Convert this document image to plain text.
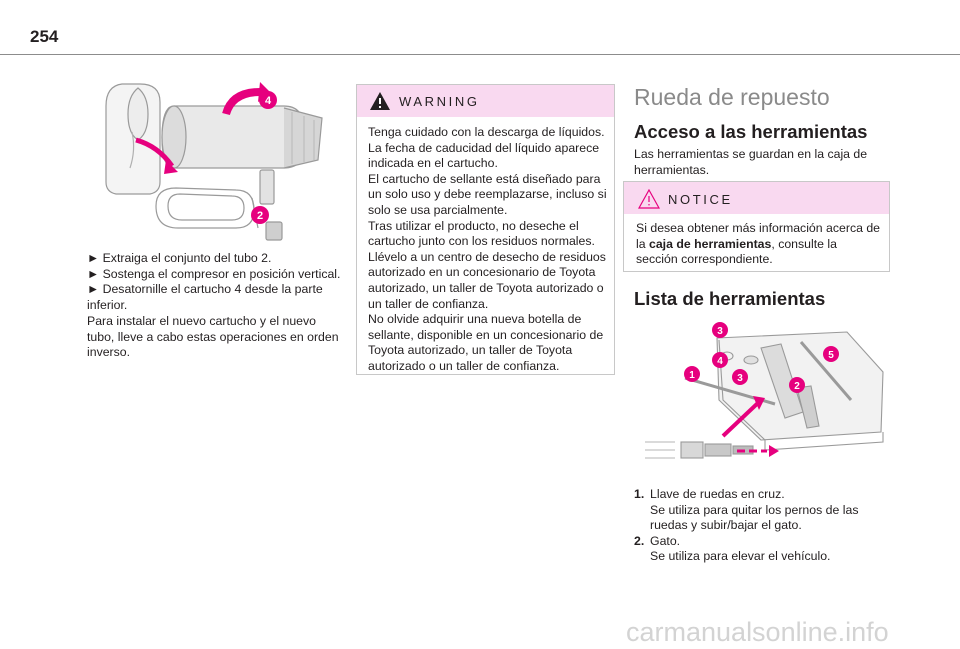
254
4
2

► Extraiga el conjunto del tubo 2.

► Sostenga el compresor en posición vertical.

► Desatornille el cartucho 4 desde la parte inferior.

Para instalar el nuevo cartucho y el nuevo tubo, lleve a cabo estas operaciones en orden inverso.

WARNING
Tenga cuidado con la descarga de líquidos.
La fecha de caducidad del líquido aparece indicada en el cartucho.
El cartucho de sellante está diseñado para un solo uso y debe reemplazarse, incluso si solo se usa parcialmente.
Tras utilizar el producto, no deseche el cartucho junto con los residuos normales. Llévelo a un centro de desecho de residuos autorizado en un concesionario de Toyota autorizado, un taller de Toyota autorizado o un taller de confianza.
No olvide adquirir una nueva botella de sellante, disponible en un concesionario de Toyota autorizado, un taller de Toyota autorizado o un taller de confianza.
Rueda de repuesto
Acceso a las herramientas

Las herramientas se guardan en la caja de herramientas.

NOTICE
Si desea obtener más información acerca de la caja de herramientas, consulte la sección correspondiente.
Lista de herramientas
3
4
5
1	3
2
1. Llave de ruedas en cruz.
Se utiliza para quitar los pernos de las ruedas y subir/bajar el gato.
2. Gato.
Se utiliza para elevar el vehículo.
carmanualsonline.info
